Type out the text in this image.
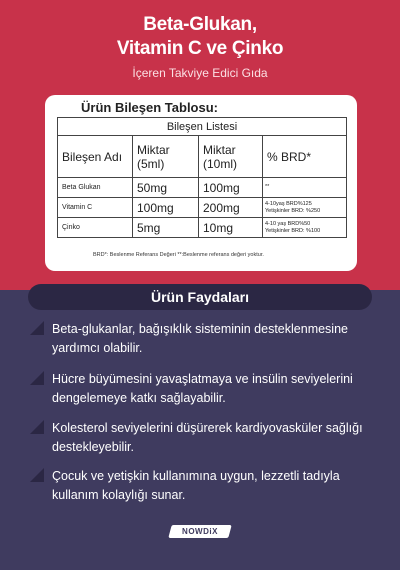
Beta-Glukan,
Vitamin C ve Çinko
İçeren Takviye Edici Gıda
Ürün Bileşen Tablosu:
Bileşen Listesi			
Bileşen Adı	Miktar (5ml)	Miktar (10ml)	% BRD*
Beta Glukan	50mg	100mg	**

Vitamin C	100mg	200mg	4-10yaş BRD%125
Yetişkinler BRD: %250

Çinko	5mg	10mg	4-10 yaş BRD%50
Yetişkinler BRD: %100
BRD*: Beslenme Referans Değeri **:Beslenme referans değeri yoktur.
Ürün Faydaları
Beta-glukanlar, bağışıklık sisteminin desteklenmesine yardımcı olabilir.
Hücre büyümesini yavaşlatmaya ve insülin seviyelerini dengelemeye katkı sağlayabilir.
Kolesterol seviyelerini düşürerek kardiyovasküler sağlığı destekleyebilir.
Çocuk ve yetişkin kullanımına uygun, lezzetli tadıyla kullanım kolaylığı sunar.
NOWDiX
